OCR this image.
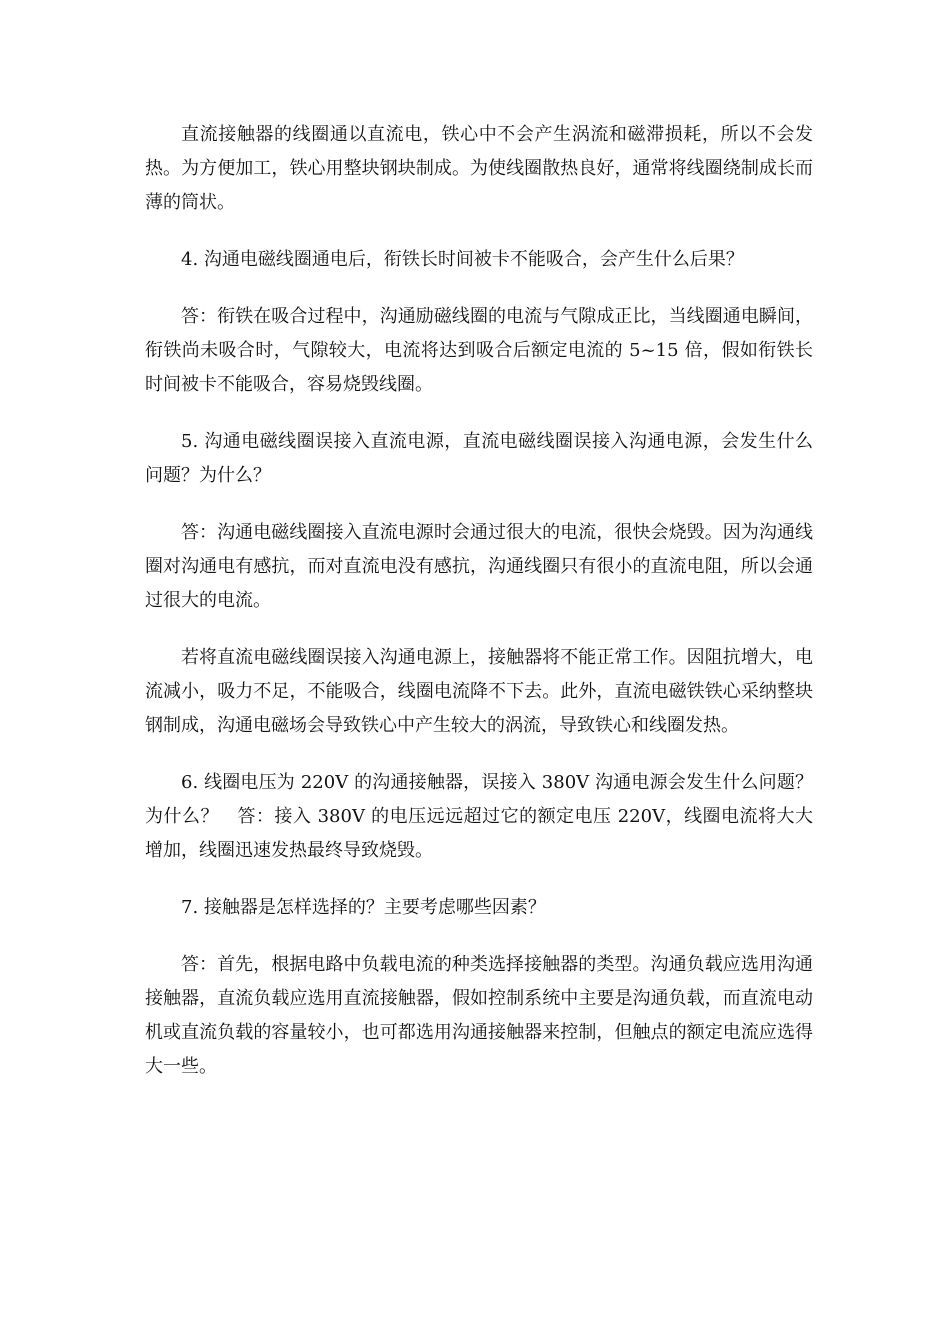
直流接触器的线圈通以直流电，铁心中不会产生涡流和磁滞损耗，所以不会发热。为方便加工，铁心用整块钢块制成。为使线圈散热良好，通常将线圈绕制成长而薄的筒状。

4. 沟通电磁线圈通电后，衔铁长时间被卡不能吸合，会产生什么后果？

答：衔铁在吸合过程中，沟通励磁线圈的电流与气隙成正比，当线圈通电瞬间，衔铁尚未吸合时，气隙较大，电流将达到吸合后额定电流的 5~15 倍，假如衔铁长时间被卡不能吸合，容易烧毁线圈。

5. 沟通电磁线圈误接入直流电源，直流电磁线圈误接入沟通电源，会发生什么问题？为什么？

答：沟通电磁线圈接入直流电源时会通过很大的电流，很快会烧毁。因为沟通线圈对沟通电有感抗，而对直流电没有感抗，沟通线圈只有很小的直流电阻，所以会通过很大的电流。

若将直流电磁线圈误接入沟通电源上，接触器将不能正常工作。因阻抗增大，电流减小，吸力不足，不能吸合，线圈电流降不下去。此外，直流电磁铁铁心采纳整块钢制成，沟通电磁场会导致铁心中产生较大的涡流，导致铁心和线圈发热。

6. 线圈电压为 220V 的沟通接触器，误接入 380V 沟通电源会发生什么问题？为什么？　答：接入 380V 的电压远远超过它的额定电压 220V，线圈电流将大大增加，线圈迅速发热最终导致烧毁。

7. 接触器是怎样选择的？主要考虑哪些因素？

答：首先，根据电路中负载电流的种类选择接触器的类型。沟通负载应选用沟通接触器，直流负载应选用直流接触器，假如控制系统中主要是沟通负载，而直流电动机或直流负载的容量较小，也可都选用沟通接触器来控制，但触点的额定电流应选得大一些。
